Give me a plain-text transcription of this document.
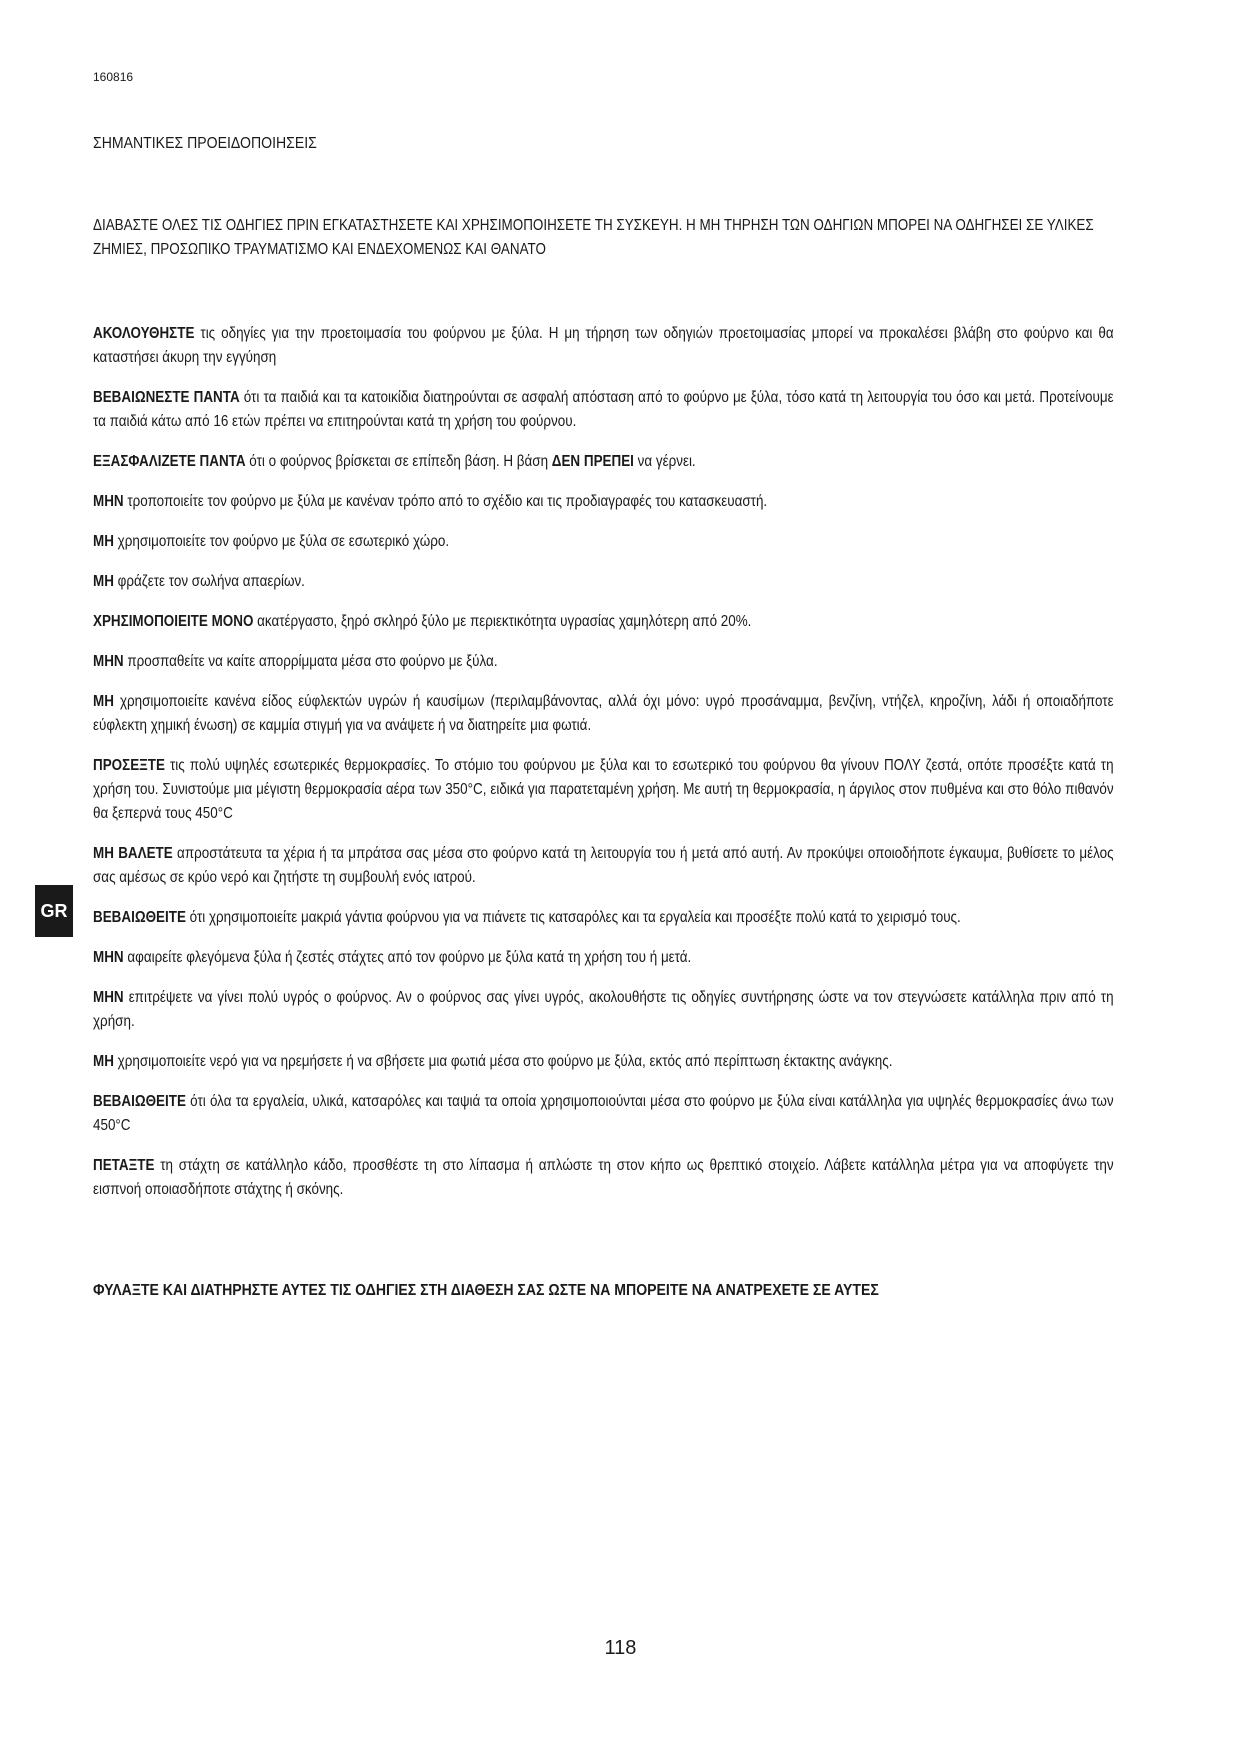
160816
ΣΗΜΑΝΤΙΚΕΣ ΠΡΟΕΙΔΟΠΟΙΗΣΕΙΣ
ΔΙΑΒΑΣΤΕ ΟΛΕΣ ΤΙΣ ΟΔΗΓΙΕΣ ΠΡΙΝ ΕΓΚΑΤΑΣΤΗΣΕΤΕ ΚΑΙ ΧΡΗΣΙΜΟΠΟΙΗΣΕΤΕ ΤΗ ΣΥΣΚΕΥΗ. Η ΜΗ ΤΗΡΗΣΗ ΤΩΝ ΟΔΗΓΙΩΝ ΜΠΟΡΕΙ ΝΑ ΟΔΗΓΗΣΕΙ ΣΕ ΥΛΙΚΕΣ ΖΗΜΙΕΣ, ΠΡΟΣΩΠΙΚΟ ΤΡΑΥΜΑΤΙΣΜΟ ΚΑΙ ΕΝΔΕΧΟΜΕΝΩΣ ΚΑΙ ΘΑΝΑΤΟ

ΑΚΟΛΟΥΘΗΣΤΕ τις οδηγίες για την προετοιμασία του φούρνου με ξύλα. Η μη τήρηση των οδηγιών προετοιμασίας μπορεί να προκαλέσει βλάβη στο φούρνο και θα καταστήσει άκυρη την εγγύηση

ΒΕΒΑΙΩΝΕΣΤΕ ΠΑΝΤΑ ότι τα παιδιά και τα κατοικίδια διατηρούνται σε ασφαλή απόσταση από το φούρνο με ξύλα, τόσο κατά τη λειτουργία του όσο και μετά. Προτείνουμε τα παιδιά κάτω από 16 ετών πρέπει να επιτηρούνται κατά τη χρήση του φούρνου.

ΕΞΑΣΦΑΛΙΖΕΤΕ ΠΑΝΤΑ ότι ο φούρνος βρίσκεται σε επίπεδη βάση. Η βάση ΔΕΝ ΠΡΕΠΕΙ να γέρνει.

ΜΗΝ τροποποιείτε τον φούρνο με ξύλα με κανέναν τρόπο από το σχέδιο και τις προδιαγραφές του κατασκευαστή.

ΜΗ χρησιμοποιείτε τον φούρνο με ξύλα σε εσωτερικό χώρο.

ΜΗ φράζετε τον σωλήνα απαερίων.

ΧΡΗΣΙΜΟΠΟΙΕΙΤΕ ΜΟΝΟ ακατέργαστο, ξηρό σκληρό ξύλο με περιεκτικότητα υγρασίας χαμηλότερη από 20%.

ΜΗΝ προσπαθείτε να καίτε απορρίμματα μέσα στο φούρνο με ξύλα.

ΜΗ χρησιμοποιείτε κανένα είδος εύφλεκτών υγρών ή καυσίμων (περιλαμβάνοντας, αλλά όχι μόνο: υγρό προσάναμμα, βενζίνη, ντήζελ, κηροζίνη, λάδι ή οποιαδήποτε εύφλεκτη χημική ένωση) σε καμμία στιγμή για να ανάψετε ή να διατηρείτε μια φωτιά.

ΠΡΟΣΕΞΤΕ τις πολύ υψηλές εσωτερικές θερμοκρασίες. Το στόμιο του φούρνου με ξύλα και το εσωτερικό του φούρνου θα γίνουν ΠΟΛΥ ζεστά, οπότε προσέξτε κατά τη χρήση του. Συνιστούμε μια μέγιστη θερμοκρασία αέρα των 350°C, ειδικά για παρατεταμένη χρήση. Με αυτή τη θερμοκρασία, η άργιλος στον πυθμένα και στο θόλο πιθανόν θα ξεπερνά τους 450°C

ΜΗ ΒΑΛΕΤΕ απροστάτευτα τα χέρια ή τα μπράτσα σας μέσα στο φούρνο κατά τη λειτουργία του ή μετά από αυτή. Αν προκύψει οποιοδήποτε έγκαυμα, βυθίσετε το μέλος σας αμέσως σε κρύο νερό και ζητήστε τη συμβουλή ενός ιατρού.

ΒΕΒΑΙΩΘΕΙΤΕ ότι χρησιμοποιείτε μακριά γάντια φούρνου για να πιάνετε τις κατσαρόλες και τα εργαλεία και προσέξτε πολύ κατά το χειρισμό τους.

ΜΗΝ αφαιρείτε φλεγόμενα ξύλα ή ζεστές στάχτες από τον φούρνο με ξύλα κατά τη χρήση του ή μετά.

ΜΗΝ επιτρέψετε να γίνει πολύ υγρός ο φούρνος. Αν ο φούρνος σας γίνει υγρός, ακολουθήστε τις οδηγίες συντήρησης ώστε να τον στεγνώσετε κατάλληλα πριν από τη χρήση.

ΜΗ χρησιμοποιείτε νερό για να ηρεμήσετε ή να σβήσετε μια φωτιά μέσα στο φούρνο με ξύλα, εκτός από περίπτωση έκτακτης ανάγκης.

ΒΕΒΑΙΩΘΕΙΤΕ ότι όλα τα εργαλεία, υλικά, κατσαρόλες και ταψιά τα οποία χρησιμοποιούνται μέσα στο φούρνο με ξύλα είναι κατάλληλα για υψηλές θερμοκρασίες άνω των 450°C

ΠΕΤΑΞΤΕ τη στάχτη σε κατάλληλο κάδο, προσθέστε τη στο λίπασμα ή απλώστε τη στον κήπο ως θρεπτικό στοιχείο. Λάβετε κατάλληλα μέτρα για να αποφύγετε την εισπνοή οποιασδήποτε στάχτης ή σκόνης.

ΦΥΛΑΞΤΕ ΚΑΙ ΔΙΑΤΗΡΗΣΤΕ ΑΥΤΕΣ ΤΙΣ ΟΔΗΓΙΕΣ ΣΤΗ ΔΙΑΘΕΣΗ ΣΑΣ ΩΣΤΕ ΝΑ ΜΠΟΡΕΙΤΕ ΝΑ ΑΝΑΤΡΕΧΕΤΕ ΣΕ ΑΥΤΕΣ
GR
118
